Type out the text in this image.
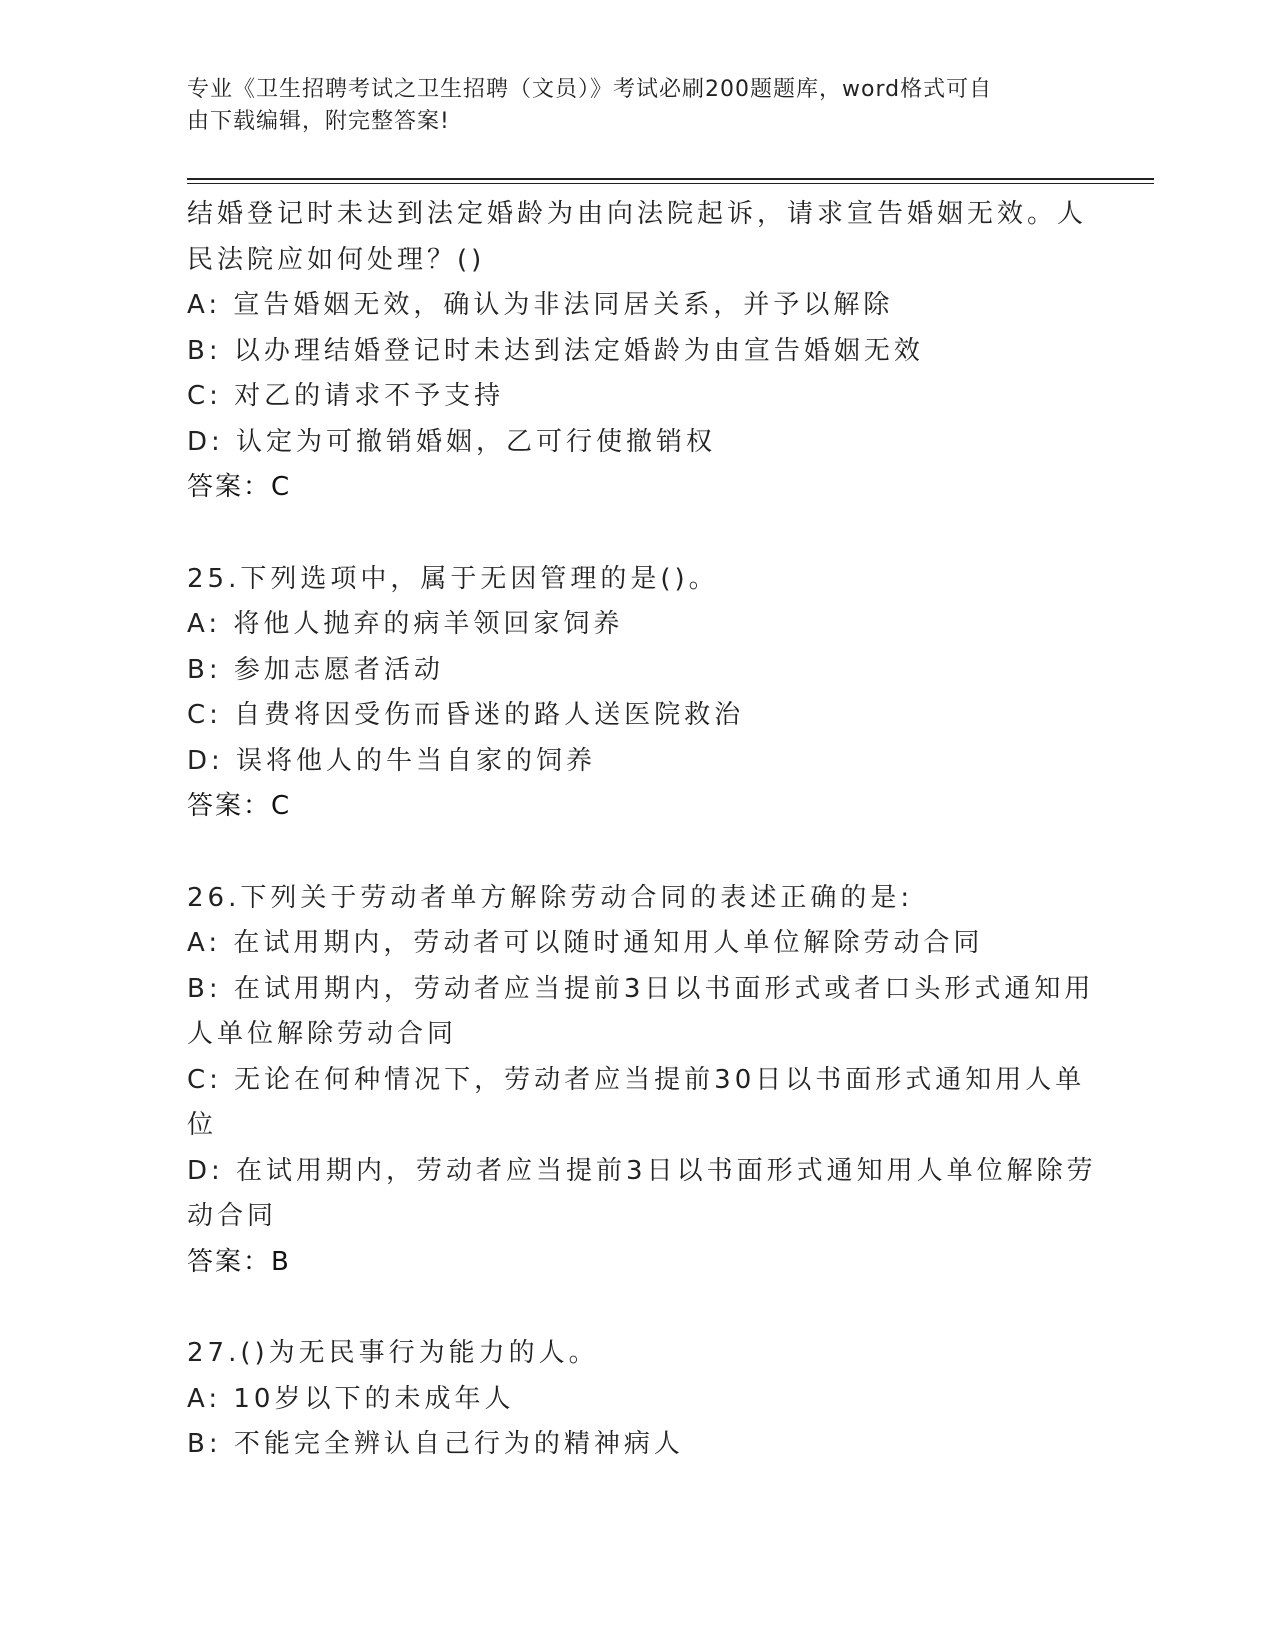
专业《卫生招聘考试之卫生招聘（文员）》考试必刷200题题库，word格式可自
由下载编辑，附完整答案!
结婚登记时未达到法定婚龄为由向法院起诉，请求宣告婚姻无效。人
民法院应如何处理？()
A: 宣告婚姻无效，确认为非法同居关系，并予以解除
B: 以办理结婚登记时未达到法定婚龄为由宣告婚姻无效
C: 对乙的请求不予支持
D: 认定为可撤销婚姻，乙可行使撤销权
答案：C
25.下列选项中，属于无因管理的是()。
A: 将他人抛弃的病羊领回家饲养
B: 参加志愿者活动
C: 自费将因受伤而昏迷的路人送医院救治
D: 误将他人的牛当自家的饲养
答案：C
26.下列关于劳动者单方解除劳动合同的表述正确的是:
A: 在试用期内，劳动者可以随时通知用人单位解除劳动合同
B: 在试用期内，劳动者应当提前3日以书面形式或者口头形式通知用
人单位解除劳动合同
C: 无论在何种情况下，劳动者应当提前30日以书面形式通知用人单
位
D: 在试用期内，劳动者应当提前3日以书面形式通知用人单位解除劳
动合同
答案：B
27.()为无民事行为能力的人。
A: 10岁以下的未成年人
B: 不能完全辨认自己行为的精神病人
